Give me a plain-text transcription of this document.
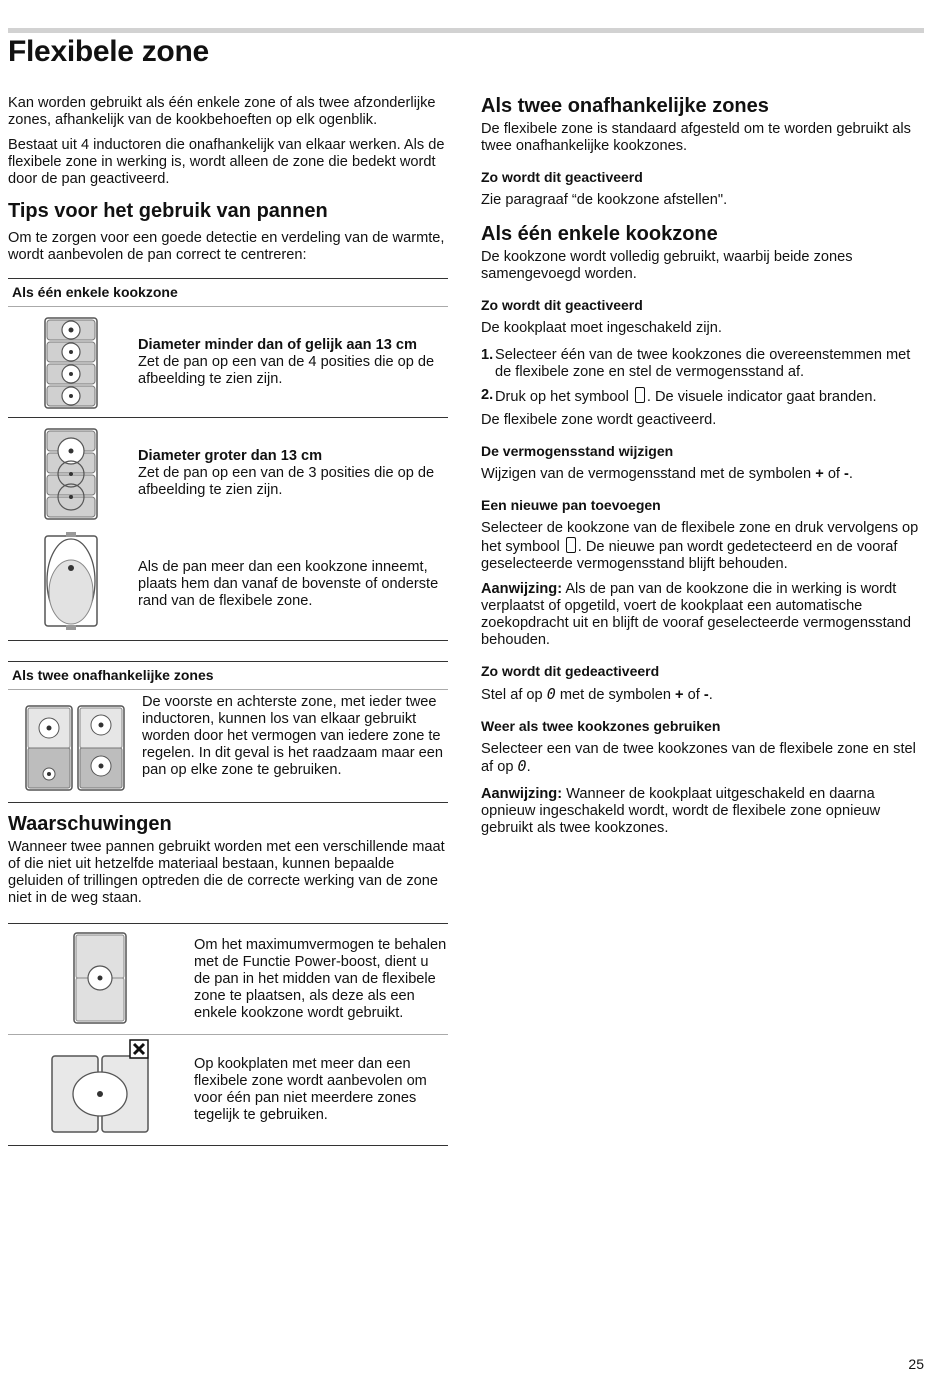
Flexibele zone

Kan worden gebruikt als één enkele zone of als twee afzonderlijke zones, afhankelijk van de kookbehoeften op elk ogenblik.

Bestaat uit 4 inductoren die onafhankelijk van elkaar werken. Als de flexibele zone in werking is, wordt alleen de zone die bedekt wordt door de pan geactiveerd.

Tips voor het gebruik van pannen

Om te zorgen voor een goede detectie en verdeling van de warmte, wordt aanbevolen de pan correct te centreren:

Als één enkele kookzone
Diameter minder dan of gelijk aan 13 cm
Zet de pan op een van de 4 posities die op de afbeelding te zien zijn.
Diameter groter dan 13 cm
Zet de pan op een van de 3 posities die op de afbeelding te zien zijn.
Als de pan meer dan een kookzone inneemt, plaats hem dan vanaf de bovenste of onderste rand van de flexibele zone.
Als twee onafhankelijke zones
De voorste en achterste zone, met ieder twee inductoren, kunnen los van elkaar gebruikt worden door het vermogen van iedere zone te regelen. In dit geval is het raadzaam maar een pan op elke zone te gebruiken.
Waarschuwingen

Wanneer twee pannen gebruikt worden met een verschillende maat of die niet uit hetzelfde materiaal bestaan, kunnen bepaalde geluiden of trillingen optreden die de correcte werking van de zone niet in de weg staan.

Om het maximumvermogen te behalen met de Functie Power-boost, dient u de pan in het midden van de flexibele zone te plaatsen, als deze als een enkele kookzone wordt gebruikt.
Op kookplaten met meer dan een flexibele zone wordt aanbevolen om voor één pan niet meerdere zones tegelijk te gebruiken.
Als twee onafhankelijke zones

De flexibele zone is standaard afgesteld om te worden gebruikt als twee onafhankelijke kookzones.

Zo wordt dit geactiveerd

Zie paragraaf “de kookzone afstellen".

Als één enkele kookzone

De kookzone wordt volledig gebruikt, waarbij beide zones samengevoegd worden.

Zo wordt dit geactiveerd

De kookplaat moet ingeschakeld zijn.

1. Selecteer één van de twee kookzones die overeenstemmen met de flexibele zone en stel de vermogensstand af.
2. Druk op het symbool . De visuele indicator gaat branden.

De flexibele zone wordt geactiveerd.

De vermogensstand wijzigen

Wijzigen van de vermogensstand met de symbolen + of -.

Een nieuwe pan toevoegen

Selecteer de kookzone van de flexibele zone en druk vervolgens op het symbool . De nieuwe pan wordt gedetecteerd en de vooraf geselecteerde vermogensstand blijft behouden.

Aanwijzing: Als de pan van de kookzone die in werking is wordt verplaatst of opgetild, voert de kookplaat een automatische zoekopdracht uit en blijft de vooraf geselecteerde vermogensstand behouden.

Zo wordt dit gedeactiveerd

Stel af op 0 met de symbolen + of -.

Weer als twee kookzones gebruiken

Selecteer een van de twee kookzones van de flexibele zone en stel af op 0.

Aanwijzing: Wanneer de kookplaat uitgeschakeld en daarna opnieuw ingeschakeld wordt, wordt de flexibele zone opnieuw gebruikt als twee kookzones.

25
